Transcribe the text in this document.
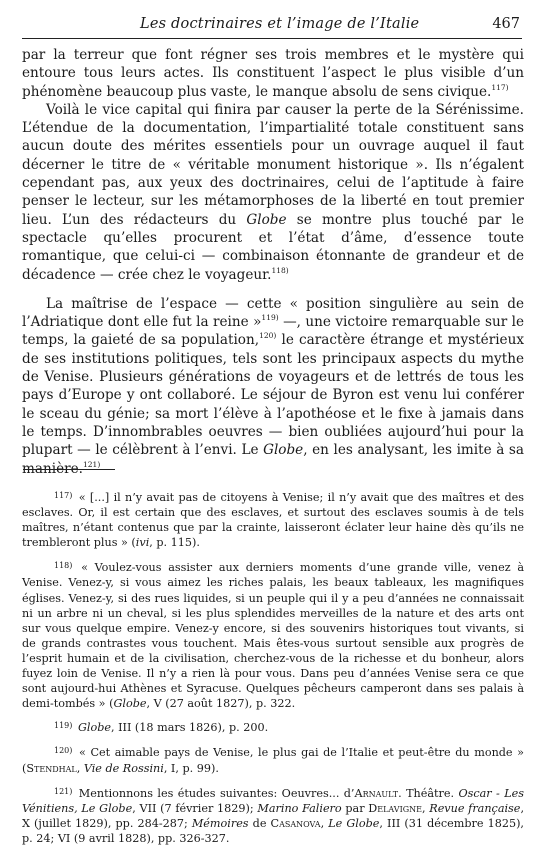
Les doctrinaires et l’image de l’Italie	467

par la terreur que font régner ses trois membres et le mystère qui entoure tous leurs actes. Ils constituent l’aspect le plus visible d’un phénomène beaucoup plus vaste, le manque absolu de sens civique.$^{117)}$

Voilà le vice capital qui finira par causer la perte de la Sérénissime. L’étendue de la documentation, l’impartialité totale constituent sans aucun doute des mérites essentiels pour un ouvrage auquel il faut décerner le titre de « véritable monument historique ». Ils n’égalent cependant pas, aux yeux des doctrinaires, celui de l’aptitude à faire penser le lecteur, sur les métamorphoses de la liberté en tout premier lieu. L’un des rédacteurs du Globe se montre plus touché par le spectacle qu’elles procurent et l’état d’âme, d’essence toute romantique, que celui-ci — combinaison étonnante de grandeur et de décadence — crée chez le voyageur.$^{118)}$

La maîtrise de l’espace — cette « position singulière au sein de l’Adriatique dont elle fut la reine »$^{119)}$ —, une victoire remarquable sur le temps, la gaieté de sa population,$^{120)}$ le caractère étrange et mystérieux de ses institutions politiques, tels sont les principaux aspects du mythe de Venise. Plusieurs générations de voyageurs et de lettrés de tous les pays d’Europe y ont collaboré. Le séjour de Byron est venu lui conférer le sceau du génie; sa mort l’élève à l’apothéose et le fixe à jamais dans le temps. D’innombrables oeuvres — bien oubliées aujourd’hui pour la plupart — le célèbrent à l’envi. Le Globe, en les analysant, les imite à sa manière.$^{121)}$

$^{117)}$ « [...] il n’y avait pas de citoyens à Venise; il n’y avait que des maîtres et des esclaves. Or, il est certain que des esclaves, et surtout des esclaves soumis à de tels maîtres, n’étant contenus que par la crainte, laisseront éclater leur haine dès qu’ils ne trembleront plus » (ivi, p. 115).

$^{118)}$ « Voulez-vous assister aux derniers moments d’une grande ville, venez à Venise. Venez-y, si vous aimez les riches palais, les beaux tableaux, les magnifiques églises. Venez-y, si des rues liquides, si un peuple qui il y a peu d’années ne connaissait ni un arbre ni un cheval, si les plus splendides merveilles de la nature et des arts ont sur vous quelque empire. Venez-y encore, si des souvenirs historiques tout vivants, si de grands contrastes vous touchent. Mais êtes-vous surtout sensible aux progrès de l’esprit humain et de la civilisation, cherchez-vous de la richesse et du bonheur, alors fuyez loin de Venise. Il n’y a rien là pour vous. Dans peu d’années Venise sera ce que sont aujourd-hui Athènes et Syracuse. Quelques pêcheurs camperont dans ses palais à demi-tombés » (Globe, V (27 août 1827), p. 322.

$^{119)}$ Globe, III (18 mars 1826), p. 200.

$^{120)}$ « Cet aimable pays de Venise, le plus gai de l’Italie et peut-être du monde » (Stendhal, Vie de Rossini, I, p. 99).

$^{121)}$ Mentionnons les études suivantes: Oeuvres... d’Arnault. Théâtre. Oscar - Les Vénitiens, Le Globe, VII (7 février 1829); Marino Faliero par Delavigne, Revue française, X (juillet 1829), pp. 284-287; Mémoires de Casanova, Le Globe, III (31 décembre 1825), p. 24; VI (9 avril 1828), pp. 326-327.
